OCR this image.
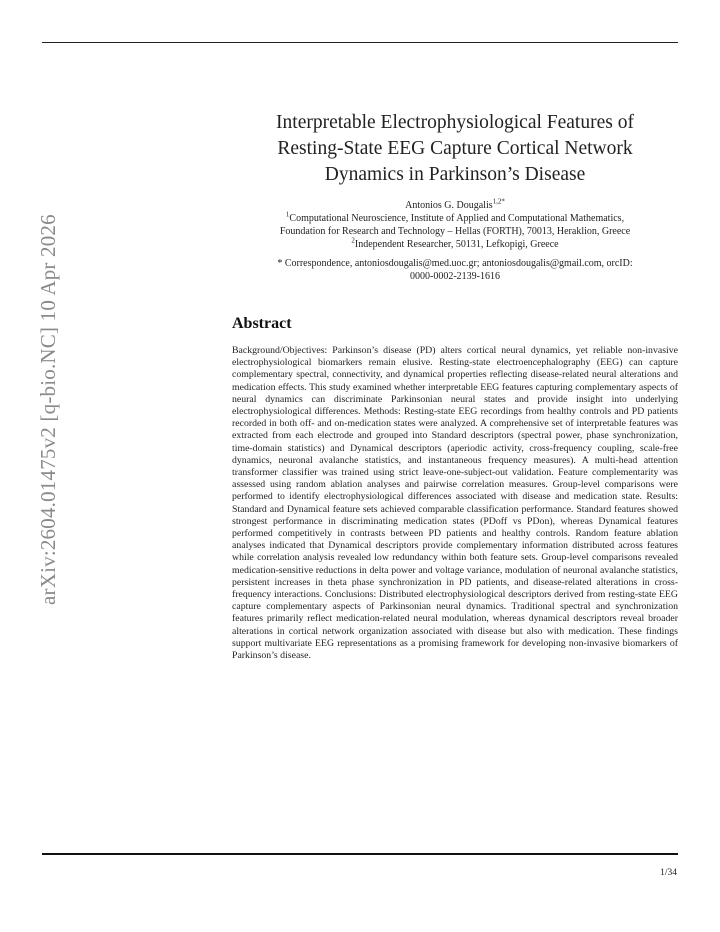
arXiv:2604.01475v2 [q-bio.NC] 10 Apr 2026
Interpretable Electrophysiological Features of
Resting-State EEG Capture Cortical Network
Dynamics in Parkinson’s Disease
Antonios G. Dougalis$^{1,2*}$
$^1$Computational Neuroscience, Institute of Applied and Computational Mathematics,
Foundation for Research and Technology – Hellas (FORTH), 70013, Heraklion, Greece
$^2$Independent Researcher, 50131, Lefkopigi, Greece
* Correspondence, antoniosdougalis@med.uoc.gr; antoniosdougalis@gmail.com, orcID:
0000-0002-2139-1616
Abstract
Background/Objectives: Parkinson’s disease (PD) alters cortical neural dynamics, yet reliable non-invasive electrophysiological biomarkers remain elusive. Resting-state electroencephalography (EEG) can capture complementary spectral, connectivity, and dynamical properties reflecting disease-related neural alterations and medication effects. This study examined whether interpretable EEG features capturing complementary aspects of neural dynamics can discriminate Parkinsonian neural states and provide insight into underlying electrophysiological differences. Methods: Resting-state EEG recordings from healthy controls and PD patients recorded in both off- and on-medication states were analyzed. A comprehensive set of interpretable features was extracted from each electrode and grouped into Standard descriptors (spectral power, phase synchronization, time-domain statistics) and Dynamical descriptors (aperiodic activity, cross-frequency coupling, scale-free dynamics, neuronal avalanche statistics, and instantaneous frequency measures). A multi-head attention transformer classifier was trained using strict leave-one-subject-out validation. Feature complementarity was assessed using random ablation analyses and pairwise correlation measures. Group-level comparisons were performed to identify electrophysiological differences associated with disease and medication state. Results: Standard and Dynamical feature sets achieved comparable classification performance. Standard features showed strongest performance in discriminating medication states (PDoff vs PDon), whereas Dynamical features performed competitively in contrasts between PD patients and healthy controls. Random feature ablation analyses indicated that Dynamical descriptors provide complementary information distributed across features while correlation analysis revealed low redundancy within both feature sets. Group-level comparisons revealed medication-sensitive reductions in delta power and voltage variance, modulation of neuronal avalanche statistics, persistent increases in theta phase synchronization in PD patients, and disease-related alterations in cross-frequency interactions. Conclusions: Distributed electrophysiological descriptors derived from resting-state EEG capture complementary aspects of Parkinsonian neural dynamics. Traditional spectral and synchronization features primarily reflect medication-related neural modulation, whereas dynamical descriptors reveal broader alterations in cortical network organization associated with disease but also with medication. These findings support multivariate EEG representations as a promising framework for developing non-invasive biomarkers of Parkinson’s disease.
1/34
